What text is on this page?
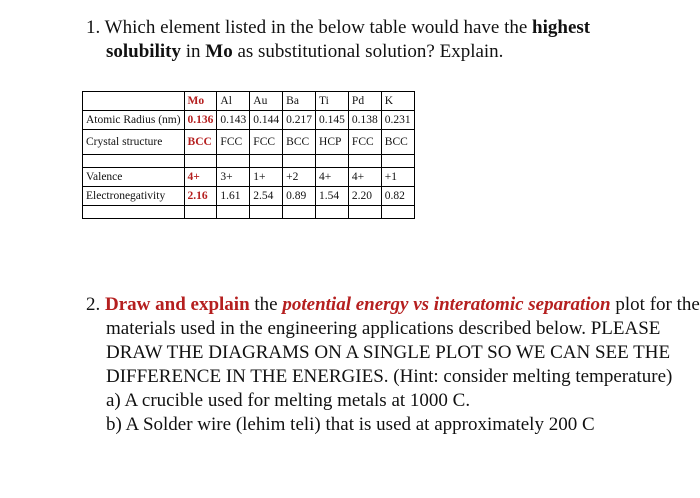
1. Which element listed in the below table would have the highest
solubility in Mo as substitutional solution? Explain.
	Mo	Al	Au	Ba	Ti	Pd	K
Atomic Radius (nm)	0.136	0.143	0.144	0.217	0.145	0.138	0.231
Crystal structure	BCC	FCC	FCC	BCC	HCP	FCC	BCC

Valence	4+	3+	1+	+2	4+	4+	+1
Electronegativity	2.16	1.61	2.54	0.89	1.54	2.20	0.82

2. Draw and explain the potential energy vs interatomic separation plot for the materials used in the engineering applications described below. PLEASE DRAW THE DIAGRAMS ON A SINGLE PLOT SO WE CAN SEE THE DIFFERENCE IN THE ENERGIES. (Hint: consider melting temperature)
a) A crucible used for melting metals at 1000 C.
b) A Solder wire (lehim teli) that is used at approximately 200 C
